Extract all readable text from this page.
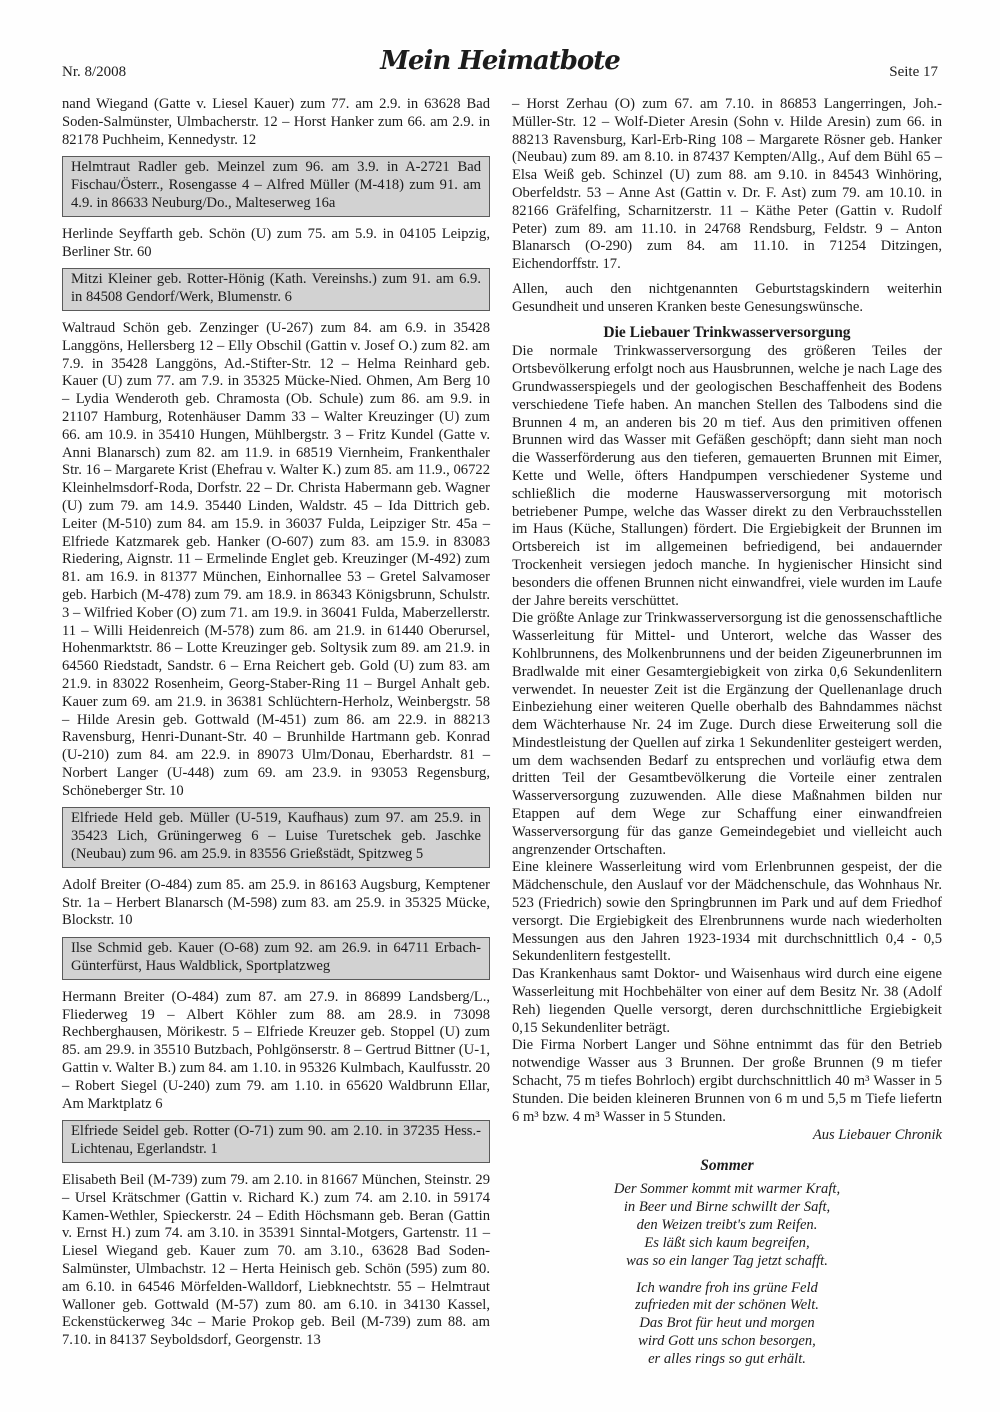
Nr. 8/2008	Mein Heimatbote	Seite 17

nand Wiegand (Gatte v. Liesel Kauer) zum 77. am 2.9. in 63628 Bad Soden-Salmünster, Ulmbacherstr. 12 – Horst Hanker zum 66. am 2.9. in 82178 Puchheim, Kennedystr. 12

Helmtraut Radler geb. Meinzel zum 96. am 3.9. in A-2721 Bad Fischau/Österr., Rosengasse 4 – Alfred Müller (M-418) zum 91. am 4.9. in 86633 Neuburg/Do., Malteserweg 16a

Herlinde Seyffarth geb. Schön (U) zum 75. am 5.9. in 04105 Leipzig, Berliner Str. 60

Mitzi Kleiner geb. Rotter-Hönig (Kath. Vereinshs.) zum 91. am 6.9. in 84508 Gendorf/Werk, Blumenstr. 6

Waltraud Schön geb. Zenzinger (U-267) zum 84. am 6.9. in 35428 Langgöns, Hellersberg 12 – Elly Obschil (Gattin v. Josef O.) zum 82. am 7.9. in 35428 Langgöns, Ad.-Stifter-Str. 12 – Helma Reinhard geb. Kauer (U) zum 77. am 7.9. in 35325 Mücke-Nied. Ohmen, Am Berg 10 – Lydia Wenderoth geb. Chramosta (Ob. Schule) zum 86. am 9.9. in 21107 Hamburg, Rotenhäuser Damm 33 – Walter Kreuzinger (U) zum 66. am 10.9. in 35410 Hungen, Mühlbergstr. 3 – Fritz Kundel (Gatte v. Anni Blanarsch) zum 82. am 11.9. in 68519 Viernheim, Frankenthaler Str. 16 – Margarete Krist (Ehefrau v. Walter K.) zum 85. am 11.9., 06722 Kleinhelmsdorf-Roda, Dorfstr. 22 – Dr. Christa Habermann geb. Wagner (U) zum 79. am 14.9. 35440 Linden, Waldstr. 45 – Ida Dittrich geb. Leiter (M-510) zum 84. am 15.9. in 36037 Fulda, Leipziger Str. 45a – Elfriede Katzmarek geb. Hanker (O-607) zum 83. am 15.9. in 83083 Riedering, Aignstr. 11 – Ermelinde Englet geb. Kreuzinger (M-492) zum 81. am 16.9. in 81377 München, Einhornallee 53 – Gretel Salvamoser geb. Harbich (M-478) zum 79. am 18.9. in 86343 Königsbrunn, Schulstr. 3 – Wilfried Kober (O) zum 71. am 19.9. in 36041 Fulda, Maberzellerstr. 11 – Willi Heidenreich (M-578) zum 86. am 21.9. in 61440 Oberursel, Hohenmarktstr. 86 – Lotte Kreuzinger geb. Soltysik zum 89. am 21.9. in 64560 Riedstadt, Sandstr. 6 – Erna Reichert geb. Gold (U) zum 83. am 21.9. in 83022 Rosenheim, Georg-Staber-Ring 11 – Burgel Anhalt geb. Kauer zum 69. am 21.9. in 36381 Schlüchtern-Herholz, Weinbergstr. 58 – Hilde Aresin geb. Gottwald (M-451) zum 86. am 22.9. in 88213 Ravensburg, Henri-Dunant-Str. 40 – Brunhilde Hartmann geb. Konrad (U-210) zum 84. am 22.9. in 89073 Ulm/Donau, Eberhardstr. 81 – Norbert Langer (U-448) zum 69. am 23.9. in 93053 Regensburg, Schöneberger Str. 10

Elfriede Held geb. Müller (U-519, Kaufhaus) zum 97. am 25.9. in 35423 Lich, Grüningerweg 6 – Luise Turetschek geb. Jaschke (Neubau) zum 96. am 25.9. in 83556 Grießstädt, Spitzweg 5

Adolf Breiter (O-484) zum 85. am 25.9. in 86163 Augsburg, Kemptener Str. 1a – Herbert Blanarsch (M-598) zum 83. am 25.9. in 35325 Mücke, Blockstr. 10

Ilse Schmid geb. Kauer (O-68) zum 92. am 26.9. in 64711 Erbach-Günterfürst, Haus Waldblick, Sportplatzweg

Hermann Breiter (O-484) zum 87. am 27.9. in 86899 Landsberg/L., Fliederweg 19 – Albert Köhler zum 88. am 28.9. in 73098 Rechberghausen, Mörikestr. 5 – Elfriede Kreuzer geb. Stoppel (U) zum 85. am 29.9. in 35510 Butzbach, Pohlgönserstr. 8 – Gertrud Bittner (U-1, Gattin v. Walter B.) zum 84. am 1.10. in 95326 Kulmbach, Kaulfusstr. 20 – Robert Siegel (U-240) zum 79. am 1.10. in 65620 Waldbrunn Ellar, Am Marktplatz 6

Elfriede Seidel geb. Rotter (O-71) zum 90. am 2.10. in 37235 Hess.-Lichtenau, Egerlandstr. 1

Elisabeth Beil (M-739) zum 79. am 2.10. in 81667 München, Steinstr. 29 – Ursel Krätschmer (Gattin v. Richard K.) zum 74. am 2.10. in 59174 Kamen-Wethler, Spieckerstr. 24 – Edith Höchsmann geb. Beran (Gattin v. Ernst H.) zum 74. am 3.10. in 35391 Sinntal-Motgers, Gartenstr. 11 – Liesel Wiegand geb. Kauer zum 70. am 3.10., 63628 Bad Soden-Salmünster, Ulmbachstr. 12 – Herta Heinisch geb. Schön (595) zum 80. am 6.10. in 64546 Mörfelden-Walldorf, Liebknechtstr. 55 – Helmtraut Walloner geb. Gottwald (M-57) zum 80. am 6.10. in 34130 Kassel, Eckenstückerweg 34c – Marie Prokop geb. Beil (M-739) zum 88. am 7.10. in 84137 Seyboldsdorf, Georgenstr. 13

– Horst Zerhau (O) zum 67. am 7.10. in 86853 Langerringen, Joh.-Müller-Str. 12 – Wolf-Dieter Aresin (Sohn v. Hilde Aresin) zum 66. in 88213 Ravensburg, Karl-Erb-Ring 108 – Margarete Rösner geb. Hanker (Neubau) zum 89. am 8.10. in 87437 Kempten/Allg., Auf dem Bühl 65 – Elsa Weiß geb. Schinzel (U) zum 88. am 9.10. in 84543 Winhöring, Oberfeldstr. 53 – Anne Ast (Gattin v. Dr. F. Ast) zum 79. am 10.10. in 82166 Gräfelfing, Scharnitzerstr. 11 – Käthe Peter (Gattin v. Rudolf Peter) zum 89. am 11.10. in 24768 Rendsburg, Feldstr. 9 – Anton Blanarsch (O-290) zum 84. am 11.10. in 71254 Ditzingen, Eichendorffstr. 17.

Allen, auch den nichtgenannten Geburtstagskindern weiterhin Gesundheit und unseren Kranken beste Genesungswünsche.

Die Liebauer Trinkwasserversorgung

Die normale Trinkwasserversorgung des größeren Teiles der Ortsbevölkerung erfolgt noch aus Hausbrunnen, welche je nach Lage des Grundwasserspiegels und der geologischen Beschaffenheit des Bodens verschiedene Tiefe haben. An manchen Stellen des Talbodens sind die Brunnen 4 m, an anderen bis 20 m tief. Aus den primitiven offenen Brunnen wird das Wasser mit Gefäßen geschöpft; dann sieht man noch die Wasserförderung aus den tieferen, gemauerten Brunnen mit Eimer, Kette und Welle, öfters Handpumpen verschiedener Systeme und schließlich die moderne Hauswasserversorgung mit motorisch betriebener Pumpe, welche das Wasser direkt zu den Verbrauchsstellen im Haus (Küche, Stallungen) fördert. Die Ergiebigkeit der Brunnen im Ortsbereich ist im allgemeinen befriedigend, bei andauernder Trockenheit versiegen jedoch manche. In hygienischer Hinsicht sind besonders die offenen Brunnen nicht einwandfrei, viele wurden im Laufe der Jahre bereits verschüttet.

Die größte Anlage zur Trinkwasserversorgung ist die genossenschaftliche Wasserleitung für Mittel- und Unterort, welche das Wasser des Kohlbrunnens, des Molkenbrunnens und der beiden Zigeunerbrunnen im Bradlwalde mit einer Gesamtergiebigkeit von zirka 0,6 Sekundenlitern verwendet. In neuester Zeit ist die Ergänzung der Quellenanlage druch Einbeziehung einer weiteren Quelle oberhalb des Bahndammes nächst dem Wächterhause Nr. 24 im Zuge. Durch diese Erweiterung soll die Mindestleistung der Quellen auf zirka 1 Sekundenliter gesteigert werden, um dem wachsenden Bedarf zu entsprechen und vorläufig etwa dem dritten Teil der Gesamtbevölkerung die Vorteile einer zentralen Wasserversorgung zuzuwenden. Alle diese Maßnahmen bilden nur Etappen auf dem Wege zur Schaffung einer einwandfreien Wasserversorgung für das ganze Gemeindegebiet und vielleicht auch angrenzender Ortschaften.

Eine kleinere Wasserleitung wird vom Erlenbrunnen gespeist, der die Mädchenschule, den Auslauf vor der Mädchenschule, das Wohnhaus Nr. 523 (Friedrich) sowie den Springbrunnen im Park und auf dem Friedhof versorgt. Die Ergiebigkeit des Elrenbrunnens wurde nach wiederholten Messungen aus den Jahren 1923-1934 mit durchschnittlich 0,4 - 0,5 Sekundenlitern festgestellt.

Das Krankenhaus samt Doktor- und Waisenhaus wird durch eine eigene Wasserleitung mit Hochbehälter von einer auf dem Besitz Nr. 38 (Adolf Reh) liegenden Quelle versorgt, deren durchschnittliche Ergiebigkeit 0,15 Sekundenliter beträgt.

Die Firma Norbert Langer und Söhne entnimmt das für den Betrieb notwendige Wasser aus 3 Brunnen. Der große Brunnen (9 m tiefer Schacht, 75 m tiefes Bohrloch) ergibt durchschnittlich 40 m³ Wasser in 5 Stunden. Die beiden kleineren Brunnen von 6 m und 5,5 m Tiefe liefertn 6 m³ bzw. 4 m³ Wasser in 5 Stunden.

Aus Liebauer Chronik
Sommer
Der Sommer kommt mit warmer Kraft,
in Beer und Birne schwillt der Saft,
den Weizen treibt's zum Reifen.
Es läßt sich kaum begreifen,
was so ein langer Tag jetzt schafft.
Ich wandre froh ins grüne Feld
zufrieden mit der schönen Welt.
Das Brot für heut und morgen
wird Gott uns schon besorgen,
er alles rings so gut erhält.
